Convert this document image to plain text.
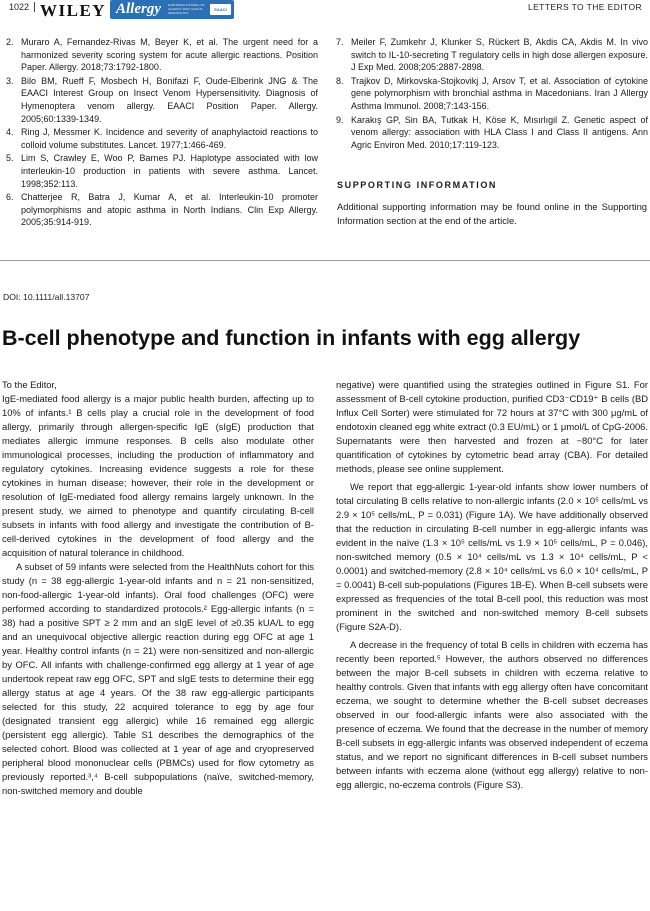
1022 WILEY Allergy EUROPEAN JOURNAL OF ALLERGY AND CLINICAL IMMUNOLOGY
EAACI	LETTERS TO THE EDITOR
2. Muraro A, Fernandez-Rivas M, Beyer K, et al. The urgent need for a harmonized severity scoring system for acute allergic reactions. Position Paper. Allergy. 2018;73:1792-1800.
3. Bilo BM, Rueff F, Mosbech H, Bonifazi F, Oude-Elberink JNG & The EAACI Interest Group on Insect Venom Hypersensitivity. Diagnosis of Hymenoptera venom allergy. EAACI Position Paper. Allergy. 2005;60:1339-1349.
4. Ring J, Messmer K. Incidence and severity of anaphylactoid reactions to colloid volume substitutes. Lancet. 1977;1:466-469.
5. Lim S, Crawley E, Woo P, Barnes PJ. Haplotype associated with low interleukin-10 production in patients with severe asthma. Lancet. 1998;352:113.
6. Chatterjee R, Batra J, Kumar A, et al. Interleukin-10 promoter polymorphisms and atopic asthma in North Indians. Clin Exp Allergy. 2005;35:914-919.
7. Meiler F, Zumkehr J, Klunker S, Rückert B, Akdis CA, Akdis M. In vivo switch to IL-10-secreting T regulatory cells in high dose allergen exposure. J Exp Med. 2008;205:2887-2898.
8. Trajkov D, Mirkovska-Stojkovikj J, Arsov T, et al. Association of cytokine gene polymorphism with bronchial asthma in Macedonians. Iran J Allergy Asthma Immunol. 2008;7:143-156.
9. Karakış GP, Sin BA, Tutkak H, Köse K, Mısırlıgil Z. Genetic aspect of venom allergy: association with HLA Class I and Class II antigens. Ann Agric Environ Med. 2010;17:119-123.
SUPPORTING INFORMATION

Additional supporting information may be found online in the Supporting Information section at the end of the article.

DOI: 10.1111/all.13707
B-cell phenotype and function in infants with egg allergy

To the Editor,

IgE-mediated food allergy is a major public health burden, affecting up to 10% of infants.¹ B cells play a crucial role in the development of food allergy, primarily through allergen-specific IgE (sIgE) production that mediates allergic immune responses. B cells also modulate other immunological processes, including the production of inflammatory and regulatory cytokines. Increasing evidence suggests a role for these cytokines in human disease; however, their role in the development or resolution of IgE-mediated food allergy remains largely unknown. In the present study, we aimed to phenotype and quantify circulating B-cell subsets in infants with food allergy and investigate the contribution of B-cell-derived cytokines in the development of food allergy and the acquisition of natural tolerance in childhood.

A subset of 59 infants were selected from the HealthNuts cohort for this study (n = 38 egg-allergic 1-year-old infants and n = 21 non-sensitized, non-food-allergic 1-year-old infants). Oral food challenges (OFC) were performed according to standardized protocols.² Egg-allergic infants (n = 38) had a positive SPT ≥ 2 mm and an sIgE level of ≥0.35 kUA/L to egg and an unequivocal objective allergic reaction during egg OFC at age 1 year. Healthy control infants (n = 21) were non-sensitized and non-allergic by OFC. All infants with challenge-confirmed egg allergy at 1 year of age undertook repeat raw egg OFC, SPT and sIgE tests to determine their egg allergy status at age 4 years. Of the 38 raw egg-allergic participants selected for this study, 22 acquired tolerance to egg by age four (designated transient egg allergic) while 16 remained egg allergic (persistent egg allergic). Table S1 describes the demographics of the selected cohort. Blood was collected at 1 year of age and cryopreserved peripheral blood mononuclear cells (PBMCs) used for flow cytometry as previously reported.³,⁴ B-cell subpopulations (naïve, switched-memory, non-switched memory and double

negative) were quantified using the strategies outlined in Figure S1. For assessment of B-cell cytokine production, purified CD3⁻CD19⁺ B cells (BD Influx Cell Sorter) were stimulated for 72 hours at 37°C with 300 μg/mL of endotoxin cleaned egg white extract (0.3 EU/mL) or 1 μmol/L of CpG-2006. Supernatants were then harvested and frozen at −80°C for later quantification of cytokines by cytometric bead array (CBA). For detailed methods, please see online supplement.

We report that egg-allergic 1-year-old infants show lower numbers of total circulating B cells relative to non-allergic infants (2.0 × 10⁵ cells/mL vs 2.9 × 10⁵ cells/mL, P = 0.031) (Figure 1A). We have additionally observed that the reduction in circulating B-cell number in egg-allergic infants was evident in the naïve (1.3 × 10⁵ cells/mL vs 1.9 × 10⁵ cells/mL, P = 0.046), non-switched memory (0.5 × 10⁴ cells/mL vs 1.3 × 10⁴ cells/mL, P < 0.0001) and switched-memory (2.8 × 10⁴ cells/mL vs 6.0 × 10⁴ cells/mL, P = 0.0041) B-cell sub-populations (Figures 1B-E). When B-cell subsets were expressed as frequencies of the total B-cell pool, this reduction was most prominent in the switched and non-switched memory B-cell subsets (Figure S2A-D).

A decrease in the frequency of total B cells in children with eczema has recently been reported.⁵ However, the authors observed no differences between the major B-cell subsets in children with eczema relative to healthy controls. Given that infants with egg allergy often have concomitant eczema, we sought to determine whether the B-cell subset decreases observed in our food-allergic infants were also associated with the presence of eczema. We found that the decrease in the number of memory B-cell subsets in egg-allergic infants was observed independent of eczema status, and we report no significant differences in B-cell subset numbers between infants with eczema alone (without egg allergy) relative to non-egg allergic, no-eczema controls (Figure S3).
